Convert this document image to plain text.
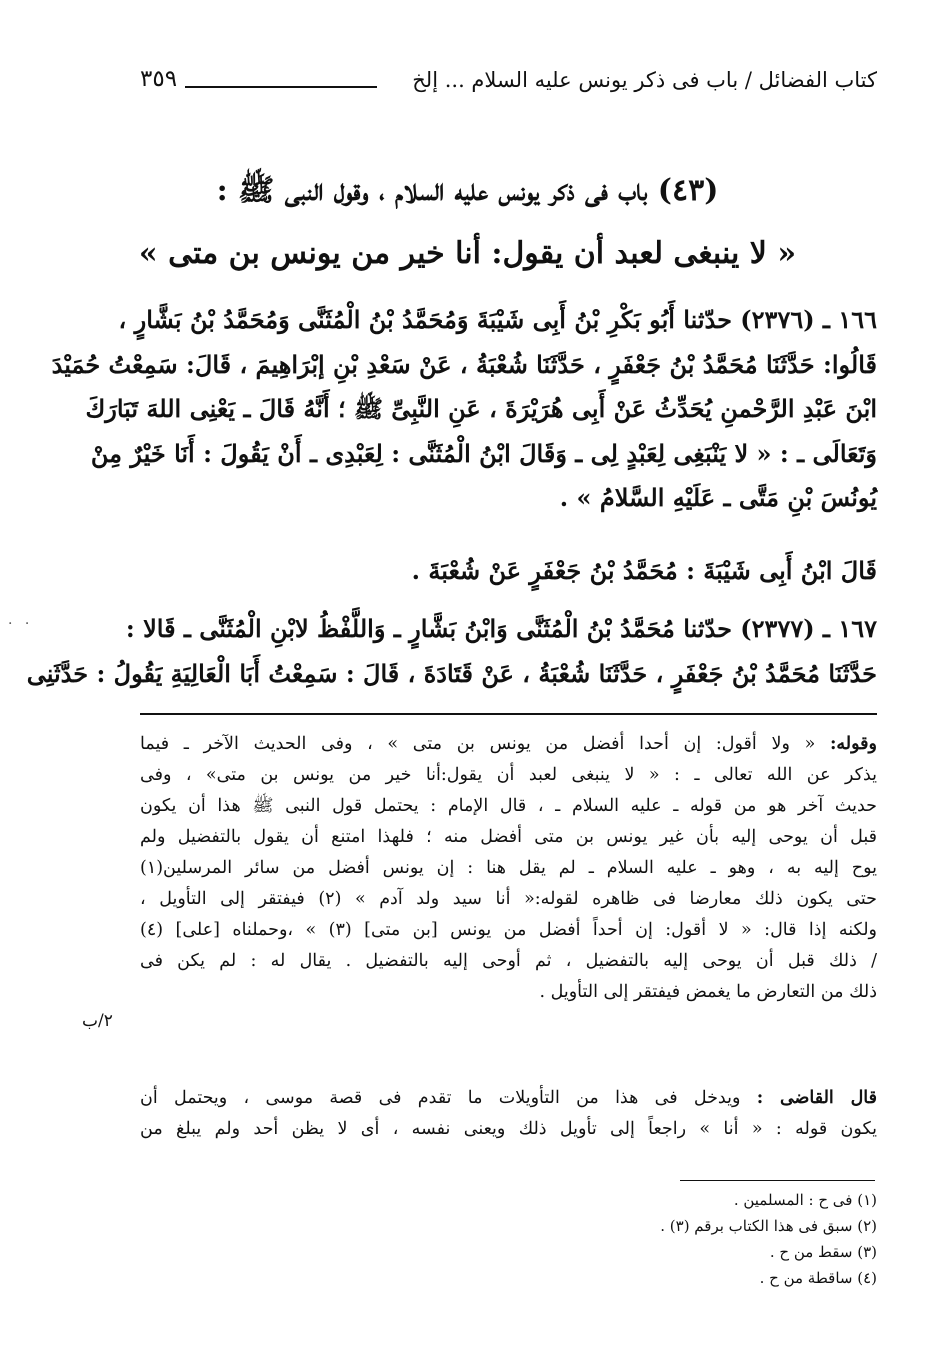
كتاب الفضائل / باب فى ذكر يونس عليه السلام ... إلخ
٣٥٩
(٤٣) باب فى ذكر يونس عليه السلام ، وقول النبى ﷺ :
« لا ينبغى لعبد أن يقول: أنا خير من يونس بن متى »

١٦٦ ـ (٢٣٧٦) حدّثنا أَبُو بَكْرِ بْنُ أَبِى شَيْبَةَ وَمُحَمَّدُ بْنُ الْمُثَنَّى وَمُحَمَّدُ بْنُ بَشَّارٍ ،

قَالُوا: حَدَّثَنَا مُحَمَّدُ بْنُ جَعْفَرٍ ، حَدَّثَنَا شُعْبَةُ ، عَنْ سَعْدِ بْنِ إبْرَاهِيمَ ، قَالَ: سَمِعْتُ حُمَيْدَ

ابْنَ عَبْدِ الرَّحْمنِ يُحَدِّثُ عَنْ أَبِى هُرَيْرَةَ ، عَنِ النَّبِىِّ ﷺ ؛ أَنَّهُ قَالَ ـ يَعْنِى اللهَ تَبَارَكَ

وَتَعَالَى ـ : « لا يَنْبَغِى لِعَبْدٍ لِى ـ وَقَالَ ابْنُ الْمُثَنَّى : لِعَبْدِى ـ أَنْ يَقُولَ : أَنَا خَيْرٌ مِنْ

يُونُسَ بْنِ مَتَّى ـ عَلَيْهِ السَّلامُ » .

قَالَ ابْنُ أَبِى شَيْبَةَ : مُحَمَّدُ بْنُ جَعْفَرٍ عَنْ شُعْبَةَ .

١٦٧ ـ (٢٣٧٧) حدّثنا مُحَمَّدُ بْنُ الْمُثَنَّى وَابْنُ بَشَّارٍ ـ وَاللَّفْظُ لابْنِ الْمُثَنَّى ـ قَالا :

حَدَّثَنَا مُحَمَّدُ بْنُ جَعْفَرٍ ، حَدَّثَنَا شُعْبَةُ ، عَنْ قَتَادَةَ ، قَالَ : سَمِعْتُ أَبَا الْعَالِيَةِ يَقُولُ : حَدَّثَنِى

· ·

وقوله: « ولا أقول: إن أحدا أفضل من يونس بن متى » ، وفى الحديث الآخر ـ فيما

يذكر عن الله تعالى ـ : « لا ينبغى لعبد أن يقول:أنا خير من يونس بن متى» ، وفى

حديث آخر هو من قوله ـ عليه السلام ـ ، قال الإمام : يحتمل قول النبى ﷺ هذا أن يكون

قبل أن يوحى إليه بأن غير يونس بن متى أفضل منه ؛ فلهذا امتنع أن يقول بالتفضيل ولم

يوح إليه به ، وهو ـ عليه السلام ـ لم يقل هنا : إن يونس أفضل من سائر المرسلين(١)

حتى يكون ذلك معارضا فى ظاهره لقوله:« أنا سيد ولد آدم » (٢) فيفتقر إلى التأويل ،

ولكنه إذا قال: « لا أقول: إن أحداً أفضل من يونس [بن متى] (٣) » ،وحملناه [على] (٤)

/ ذلك قبل أن يوحى إليه بالتفضيل ، ثم أوحى إليه بالتفضيل . يقال له : لم يكن فى

ذلك من التعارض ما يغمض فيفتقر إلى التأويل .

٢/ب

قال القاضى : ويدخل فى هذا من التأويلات ما تقدم فى قصة موسى ، ويحتمل أن

يكون قوله : « أنا » راجعاً إلى تأويل ذلك ويعنى نفسه ، أى لا يظن أحد ولم يبلغ من

(١) فى ح : المسلمين .
(٢) سبق فى هذا الكتاب برقم (٣) .
(٣) سقط من ح .
(٤) ساقطة من ح .
